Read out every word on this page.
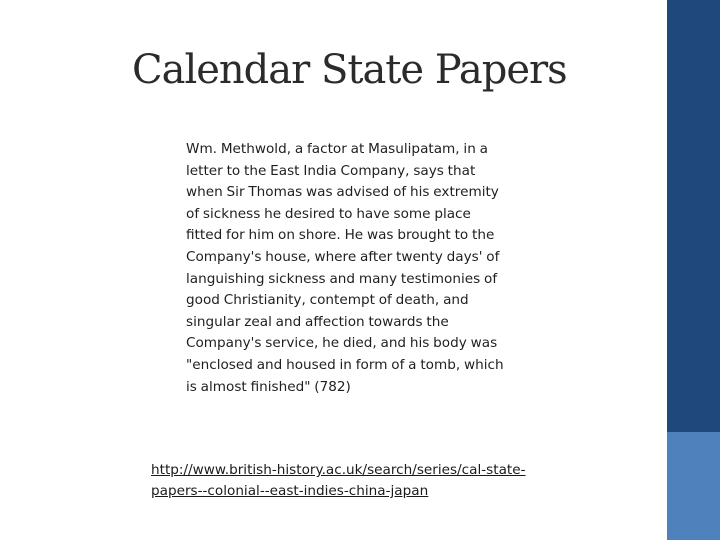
Calendar State Papers
Wm. Methwold, a factor at Masulipatam, in a
letter to the East India Company, says that
when Sir Thomas was advised of his extremity
of sickness he desired to have some place
fitted for him on shore. He was brought to the
Company's house, where after twenty days' of
languishing sickness and many testimonies of
good Christianity, contempt of death, and
singular zeal and affection towards the
Company's service, he died, and his body was
"enclosed and housed in form of a tomb, which
is almost finished" (782)
http://www.british-history.ac.uk/search/series/cal-state-
papers--colonial--east-indies-china-japan
